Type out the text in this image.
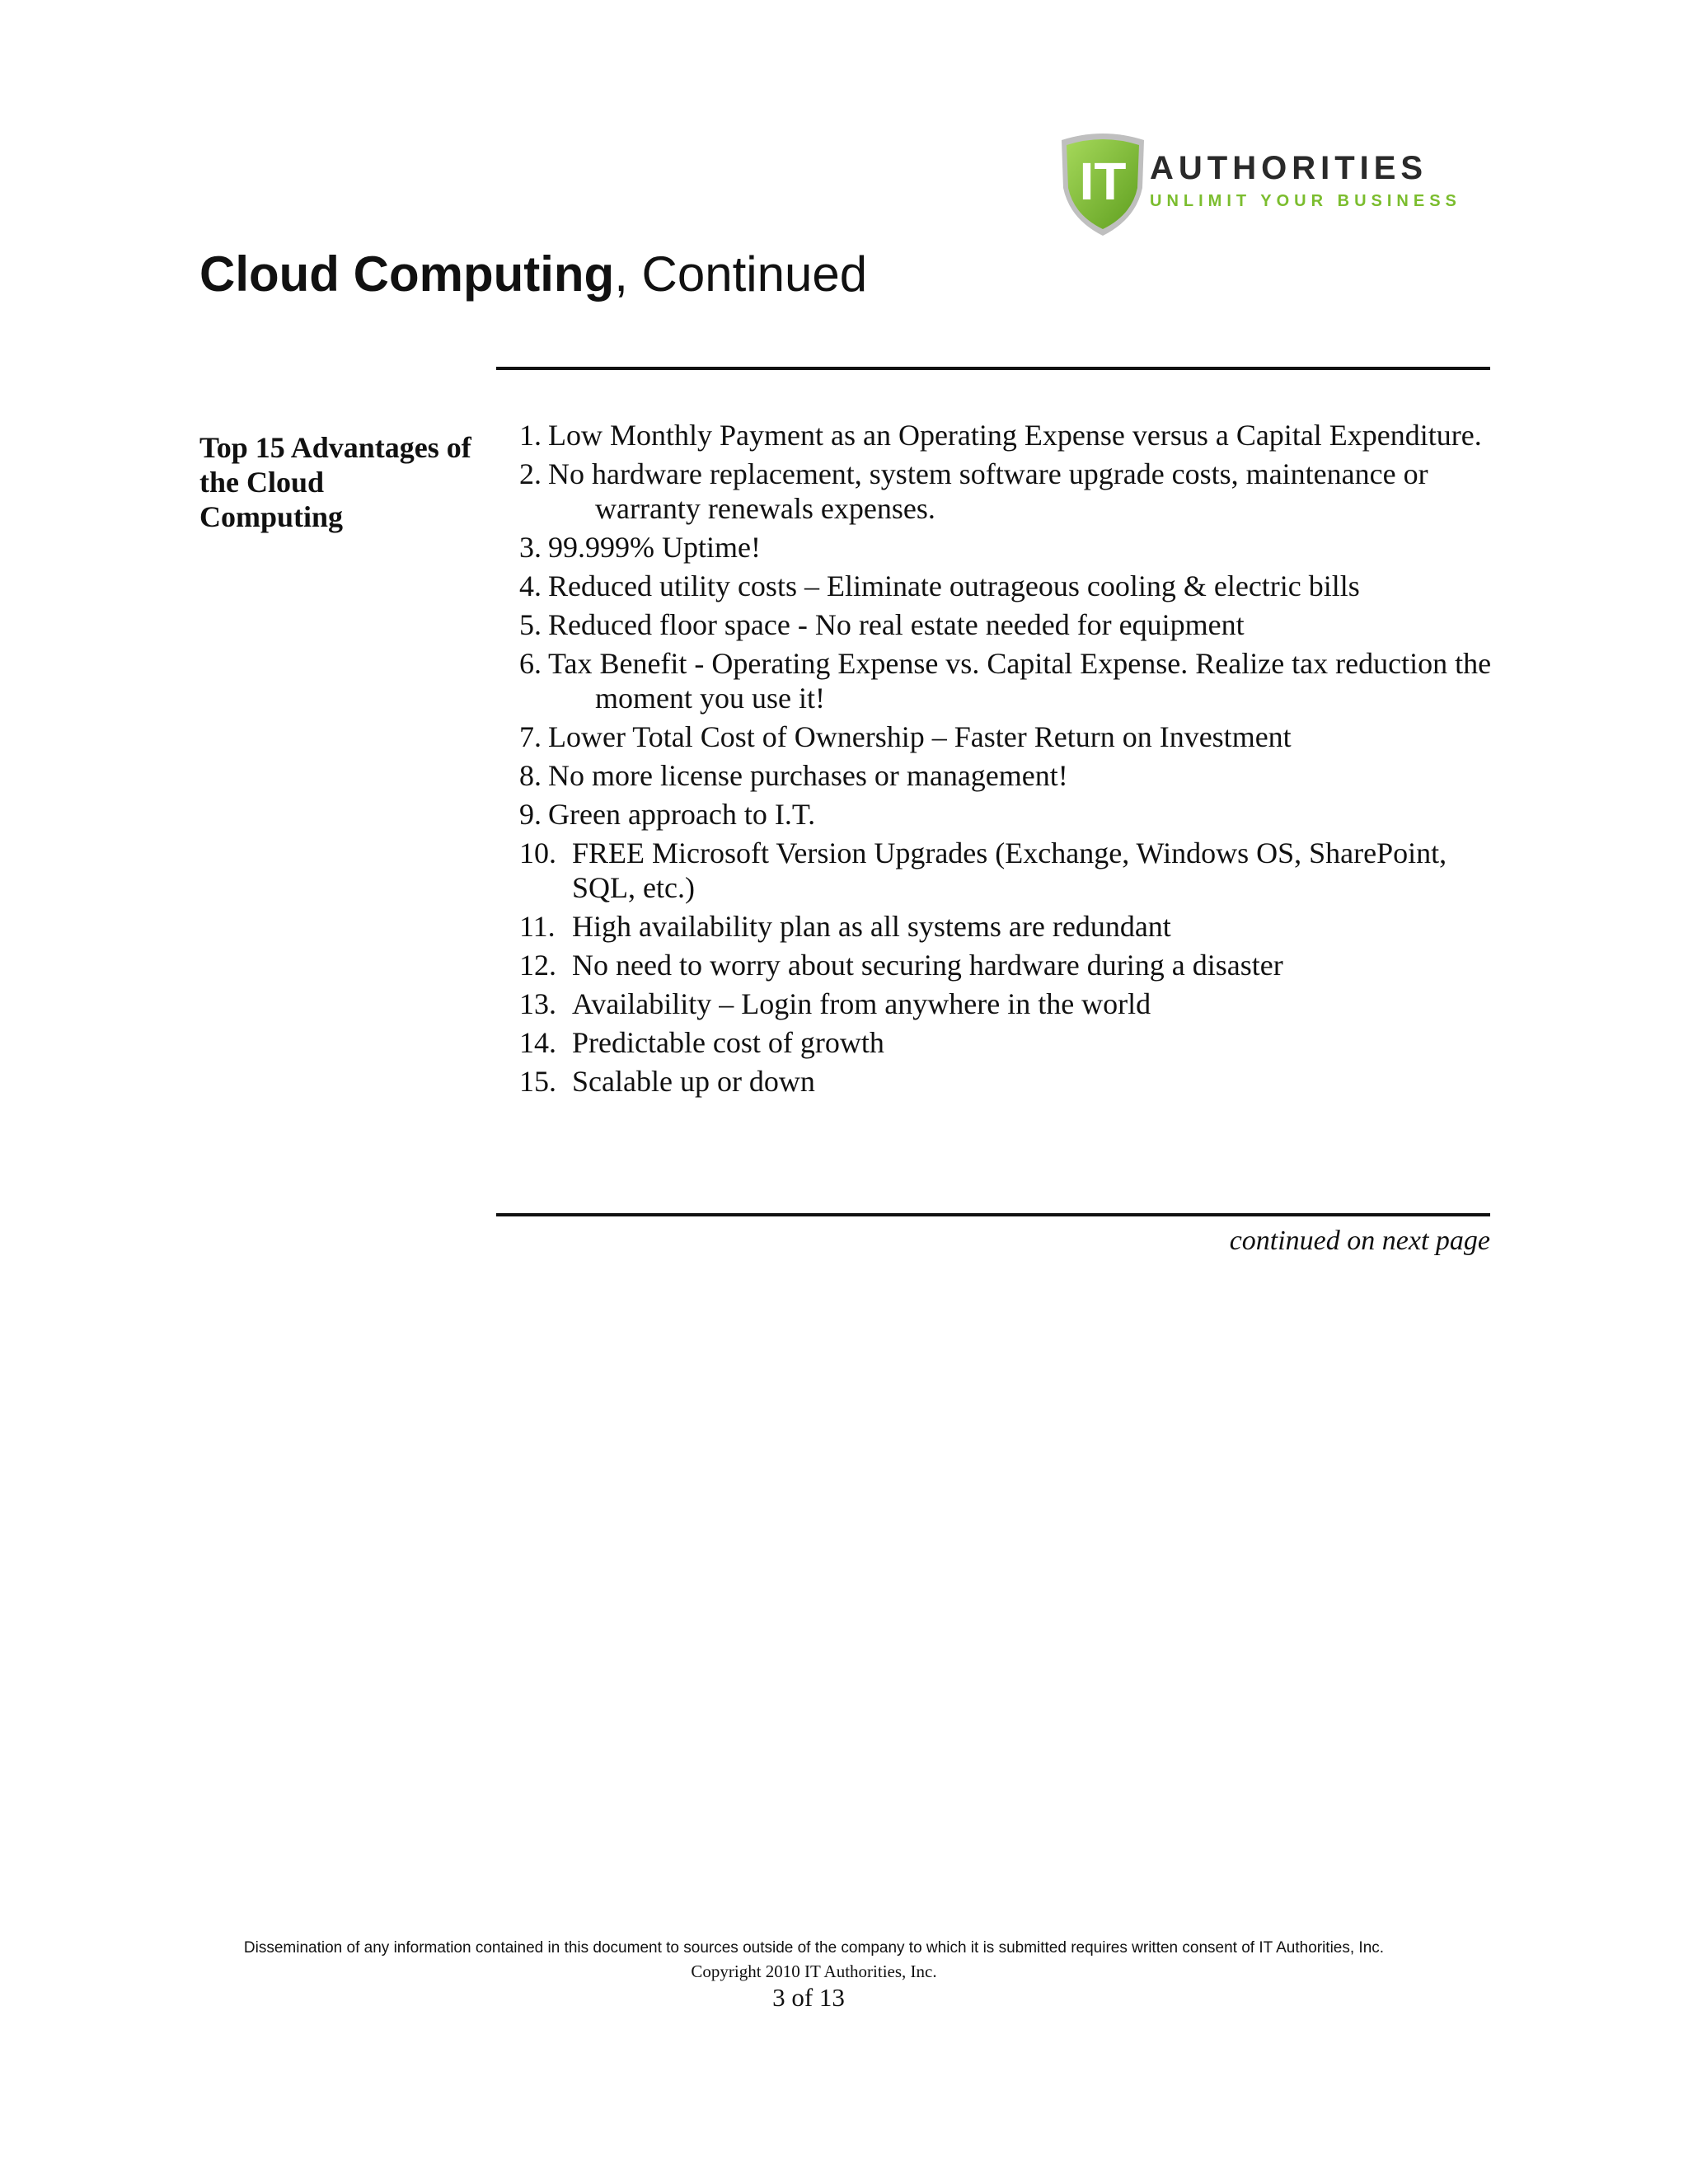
IT AUTHORITIES
UNLIMIT YOUR BUSINESS
Cloud Computing, Continued
Top 15 Advantages of the Cloud Computing
1. Low Monthly Payment as an Operating Expense versus a Capital Expenditure.
2. No hardware replacement, system software upgrade costs, maintenance or warranty renewals expenses.
3. 99.999% Uptime!
4. Reduced utility costs – Eliminate outrageous cooling & electric bills
5. Reduced floor space - No real estate needed for equipment
6. Tax Benefit - Operating Expense vs. Capital Expense. Realize tax reduction the moment you use it!
7. Lower Total Cost of Ownership – Faster Return on Investment
8. No more license purchases or management!
9. Green approach to I.T.
10. FREE Microsoft Version Upgrades (Exchange, Windows OS, SharePoint, SQL, etc.)
11. High availability plan as all systems are redundant
12. No need to worry about securing hardware during a disaster
13. Availability – Login from anywhere in the world
14. Predictable cost of growth
15. Scalable up or down
continued on next page
Dissemination of any information contained in this document to sources outside of the company to which it is submitted requires written consent of IT Authorities, Inc.
Copyright 2010 IT Authorities, Inc.
3 of 13
